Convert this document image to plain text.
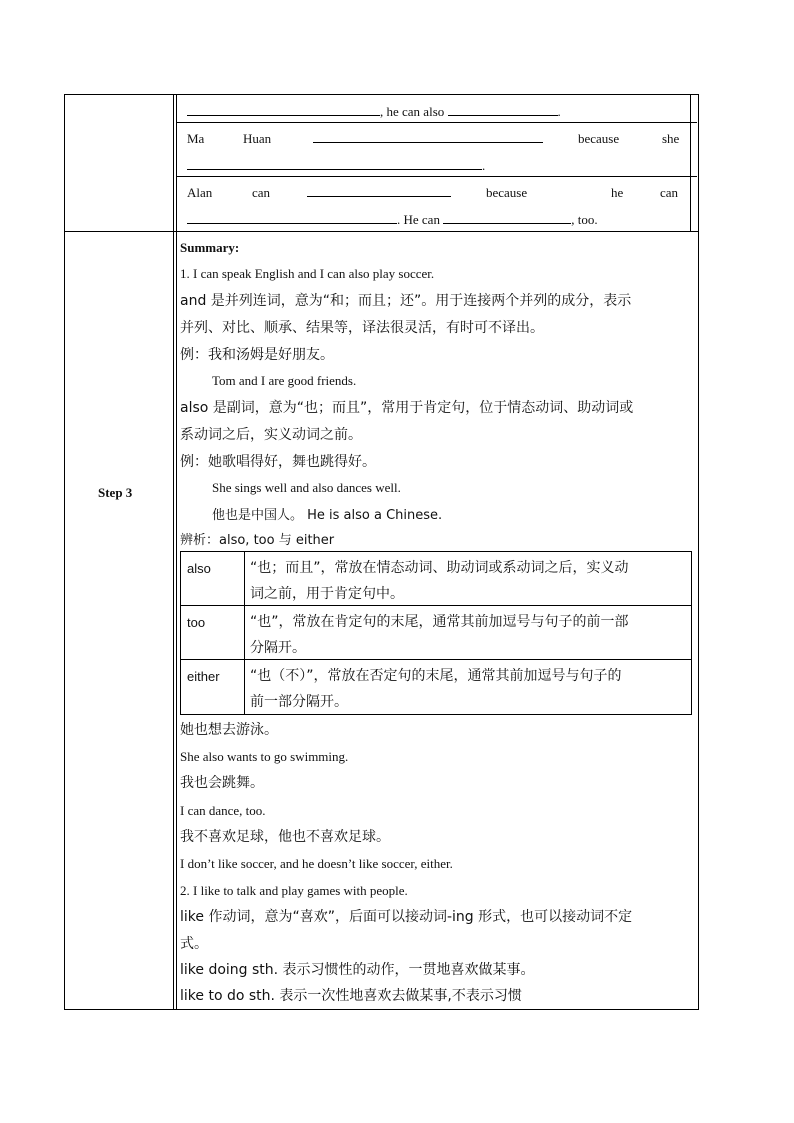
, he can also	.
Ma	Huan	because	she
.
Alan	can	because	he	can
. He can	, too.
Step 3
Summary:
1. I can speak English and I can also play soccer.
and 是并列连词，意为“和；而且；还”。用于连接两个并列的成分，表示
并列、对比、顺承、结果等，译法很灵活，有时可不译出。
例：我和汤姆是好朋友。
Tom and I are good friends.
also 是副词，意为“也；而且”，常用于肯定句，位于情态动词、助动词或
系动词之后，实义动词之前。
例：她歌唱得好，舞也跳得好。
She sings well and also dances well.
他也是中国人。 He is also a Chinese.
辨析：also, too 与 either
also	“也；而且”，常放在情态动词、助动词或系动词之后，实义动
词之前，用于肯定句中。
too	“也”，常放在肯定句的末尾，通常其前加逗号与句子的前一部
分隔开。
either “也（不）”，常放在否定句的末尾，通常其前加逗号与句子的
前一部分隔开。
她也想去游泳。
She also wants to go swimming.
我也会跳舞。
I can dance, too.
我不喜欢足球，他也不喜欢足球。
I don’t like soccer, and he doesn’t like soccer, either.
2. I like to talk and play games with people.
like 作动词，意为“喜欢”，后面可以接动词-ing 形式，也可以接动词不定
式。
like doing sth. 表示习惯性的动作，一贯地喜欢做某事。
like to do sth. 表示一次性地喜欢去做某事,不表示习惯
